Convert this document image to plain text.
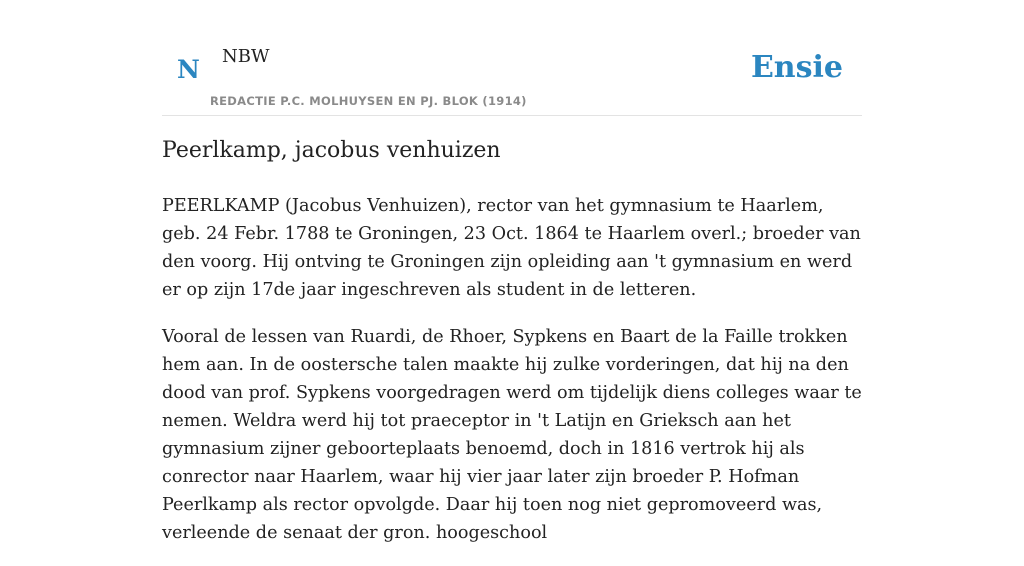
N NBW
REDACTIE P.C. MOLHUYSEN EN PJ. BLOK (1914)
Ensie
Peerlkamp, jacobus venhuizen

PEERLKAMP (Jacobus Venhuizen), rector van het gymnasium te Haarlem, geb. 24 Febr. 1788 te Groningen, 23 Oct. 1864 te Haarlem overl.; broeder van den voorg. Hij ontving te Groningen zijn opleiding aan 't gymnasium en werd er op zijn 17de jaar ingeschreven als student in de letteren.

Vooral de lessen van Ruardi, de Rhoer, Sypkens en Baart de la Faille trokken hem aan. In de oostersche talen maakte hij zulke vorderingen, dat hij na den dood van prof. Sypkens voorgedragen werd om tijdelijk diens colleges waar te nemen. Weldra werd hij tot praeceptor in 't Latijn en Grieksch aan het gymnasium zijner geboorteplaats benoemd, doch in 1816 vertrok hij als conrector naar Haarlem, waar hij vier jaar later zijn broeder P. Hofman Peerlkamp als rector opvolgde. Daar hij toen nog niet gepromoveerd was, verleende de senaat der gron. hoogeschool
